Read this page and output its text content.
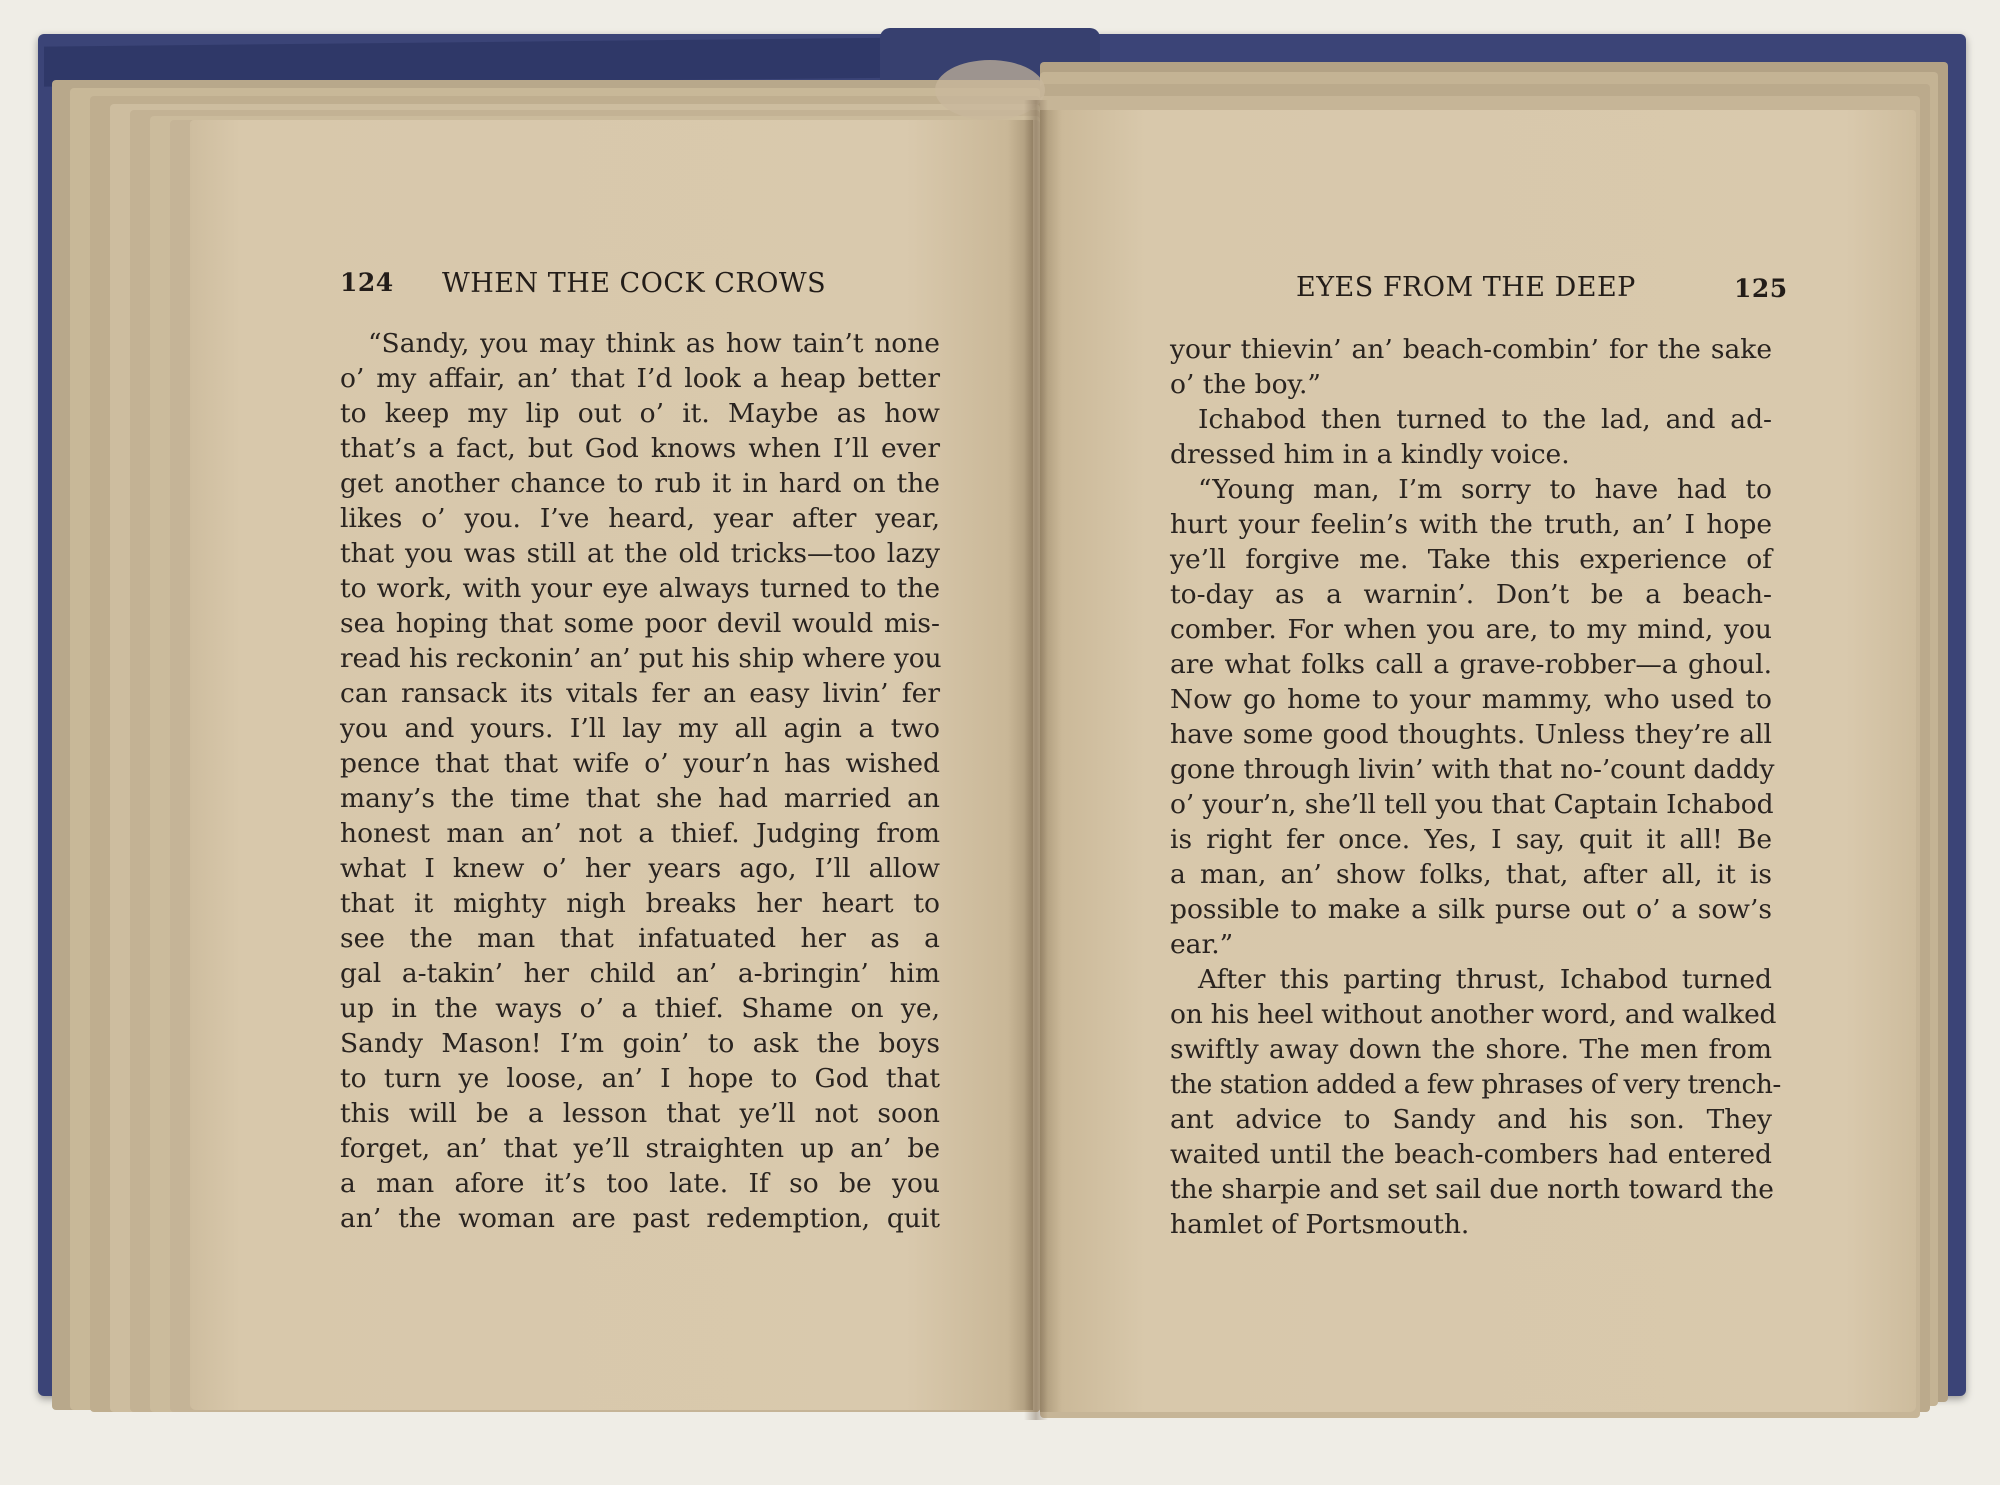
124 WHEN THE COCK CROWS	EYES FROM THE DEEP	125
“Sandy, you may think as how tain’t none
o’ my affair, an’ that I’d look a heap better
to keep my lip out o’ it. Maybe as how
that’s a fact, but God knows when I’ll ever
get another chance to rub it in hard on the
likes o’ you. I’ve heard, year after year,
that you was still at the old tricks—too lazy
to work, with your eye always turned to the
sea hoping that some poor devil would mis-
read his reckonin’ an’ put his ship where you
can ransack its vitals fer an easy livin’ fer
you and yours. I’ll lay my all agin a two
pence that that wife o’ your’n has wished
many’s the time that she had married an
honest man an’ not a thief. Judging from
what I knew o’ her years ago, I’ll allow
that it mighty nigh breaks her heart to
see the man that infatuated her as a
gal a-takin’ her child an’ a-bringin’ him
up in the ways o’ a thief. Shame on ye,
Sandy Mason! I’m goin’ to ask the boys
to turn ye loose, an’ I hope to God that
this will be a lesson that ye’ll not soon
forget, an’ that ye’ll straighten up an’ be
a man afore it’s too late. If so be you
an’ the woman are past redemption, quit
your thievin’ an’ beach-combin’ for the sake
o’ the boy.”
Ichabod then turned to the lad, and ad-
dressed him in a kindly voice.
“Young man, I’m sorry to have had to
hurt your feelin’s with the truth, an’ I hope
ye’ll forgive me. Take this experience of
to-day as a warnin’. Don’t be a beach-
comber. For when you are, to my mind, you
are what folks call a grave-robber—a ghoul.
Now go home to your mammy, who used to
have some good thoughts. Unless they’re all
gone through livin’ with that no-’count daddy
o’ your’n, she’ll tell you that Captain Ichabod
is right fer once. Yes, I say, quit it all! Be
a man, an’ show folks, that, after all, it is
possible to make a silk purse out o’ a sow’s
ear.”
After this parting thrust, Ichabod turned
on his heel without another word, and walked
swiftly away down the shore. The men from
the station added a few phrases of very trench-
ant advice to Sandy and his son. They
waited until the beach-combers had entered
the sharpie and set sail due north toward the
hamlet of Portsmouth.
